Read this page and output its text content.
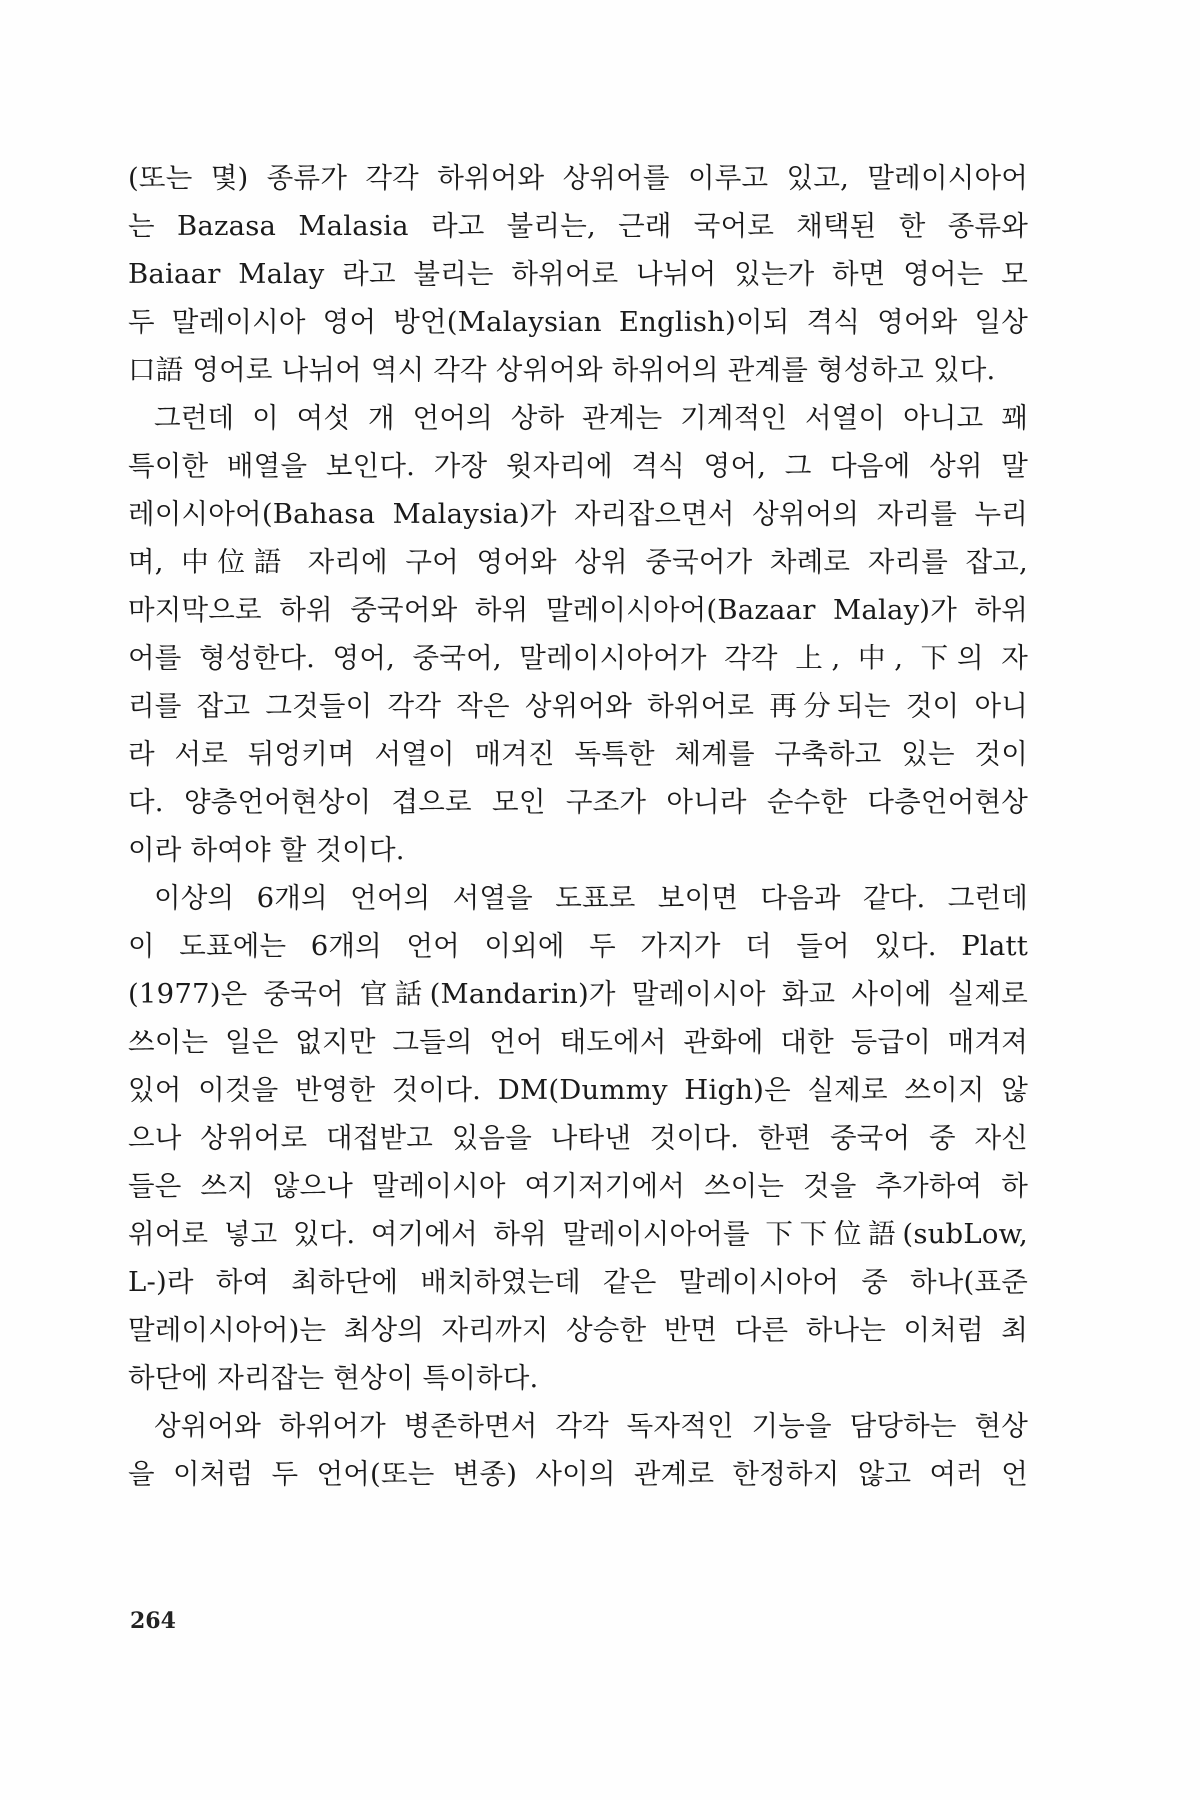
(또는 몇) 종류가 각각 하위어와 상위어를 이루고 있고, 말레이시아어
는 Bazasa Malasia 라고 불리는, 근래 국어로 채택된 한 종류와
Baiaar Malay 라고 불리는 하위어로 나뉘어 있는가 하면 영어는 모
두 말레이시아 영어 방언(Malaysian English)이되 격식 영어와 일상
口語 영어로 나뉘어 역시 각각 상위어와 하위어의 관계를 형성하고 있다.
그런데 이 여섯 개 언어의 상하 관계는 기계적인 서열이 아니고 꽤
특이한 배열을 보인다. 가장 윗자리에 격식 영어, 그 다음에 상위 말
레이시아어(Bahasa Malaysia)가 자리잡으면서 상위어의 자리를 누리
며, 中位語 자리에 구어 영어와 상위 중국어가 차례로 자리를 잡고,
마지막으로 하위 중국어와 하위 말레이시아어(Bazaar Malay)가 하위
어를 형성한다. 영어, 중국어, 말레이시아어가 각각 上, 中, 下의 자
리를 잡고 그것들이 각각 작은 상위어와 하위어로 再分되는 것이 아니
라 서로 뒤엉키며 서열이 매겨진 독특한 체계를 구축하고 있는 것이
다. 양층언어현상이 겹으로 모인 구조가 아니라 순수한 다층언어현상
이라 하여야 할 것이다.
이상의 6개의 언어의 서열을 도표로 보이면 다음과 같다. 그런데
이 도표에는 6개의 언어 이외에 두 가지가 더 들어 있다. Platt
(1977)은 중국어 官話(Mandarin)가 말레이시아 화교 사이에 실제로
쓰이는 일은 없지만 그들의 언어 태도에서 관화에 대한 등급이 매겨져
있어 이것을 반영한 것이다. DM(Dummy High)은 실제로 쓰이지 않
으나 상위어로 대접받고 있음을 나타낸 것이다. 한편 중국어 중 자신
들은 쓰지 않으나 말레이시아 여기저기에서 쓰이는 것을 추가하여 하
위어로 넣고 있다. 여기에서 하위 말레이시아어를 下下位語(subLow,
L-)라 하여 최하단에 배치하였는데 같은 말레이시아어 중 하나(표준
말레이시아어)는 최상의 자리까지 상승한 반면 다른 하나는 이처럼 최
하단에 자리잡는 현상이 특이하다.
상위어와 하위어가 병존하면서 각각 독자적인 기능을 담당하는 현상
을 이처럼 두 언어(또는 변종) 사이의 관계로 한정하지 않고 여러 언
264
